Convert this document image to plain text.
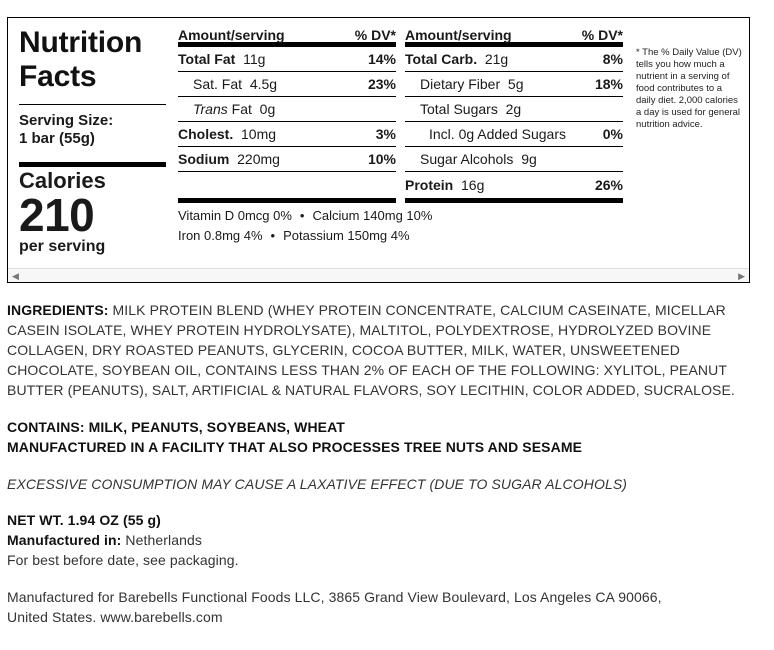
Nutrition
Facts
Serving Size:
1 bar (55g)
Calories
210
per serving
Amount/serving	% DV*
Total Fat 11g	14%
Sat. Fat 4.5g	23%
Trans Fat 0g
Cholest. 10mg	3%
Sodium 220mg	10%
Amount/serving	% DV*
Total Carb. 21g	8%
Dietary Fiber 5g	18%
Total Sugars 2g
Incl. 0g Added Sugars	0%
Sugar Alcohols 9g
Protein 16g	26%
* The % Daily Value (DV) tells you how much a nutrient in a serving of food contributes to a daily diet. 2,000 calories a day is used for general nutrition advice.
Vitamin D 0mcg 0% • Calcium 140mg 10%
Iron 0.8mg 4% • Potassium 150mg 4%
◀	▶
INGREDIENTS: MILK PROTEIN BLEND (WHEY PROTEIN CONCENTRATE, CALCIUM CASEINATE, MICELLAR CASEIN ISOLATE, WHEY PROTEIN HYDROLYSATE), MALTITOL, POLYDEXTROSE, HYDROLYZED BOVINE COLLAGEN, DRY ROASTED PEANUTS, GLYCERIN, COCOA BUTTER, MILK, WATER, UNSWEETENED CHOCOLATE, SOYBEAN OIL, CONTAINS LESS THAN 2% OF EACH OF THE FOLLOWING: XYLITOL, PEANUT BUTTER (PEANUTS), SALT, ARTIFICIAL & NATURAL FLAVORS, SOY LECITHIN, COLOR ADDED, SUCRALOSE.
CONTAINS: MILK, PEANUTS, SOYBEANS, WHEAT
MANUFACTURED IN A FACILITY THAT ALSO PROCESSES TREE NUTS AND SESAME
EXCESSIVE CONSUMPTION MAY CAUSE A LAXATIVE EFFECT (DUE TO SUGAR ALCOHOLS)
NET WT. 1.94 OZ (55 g)
Manufactured in: Netherlands
For best before date, see packaging.
Manufactured for Barebells Functional Foods LLC, 3865 Grand View Boulevard, Los Angeles CA 90066,
United States. www.barebells.com
